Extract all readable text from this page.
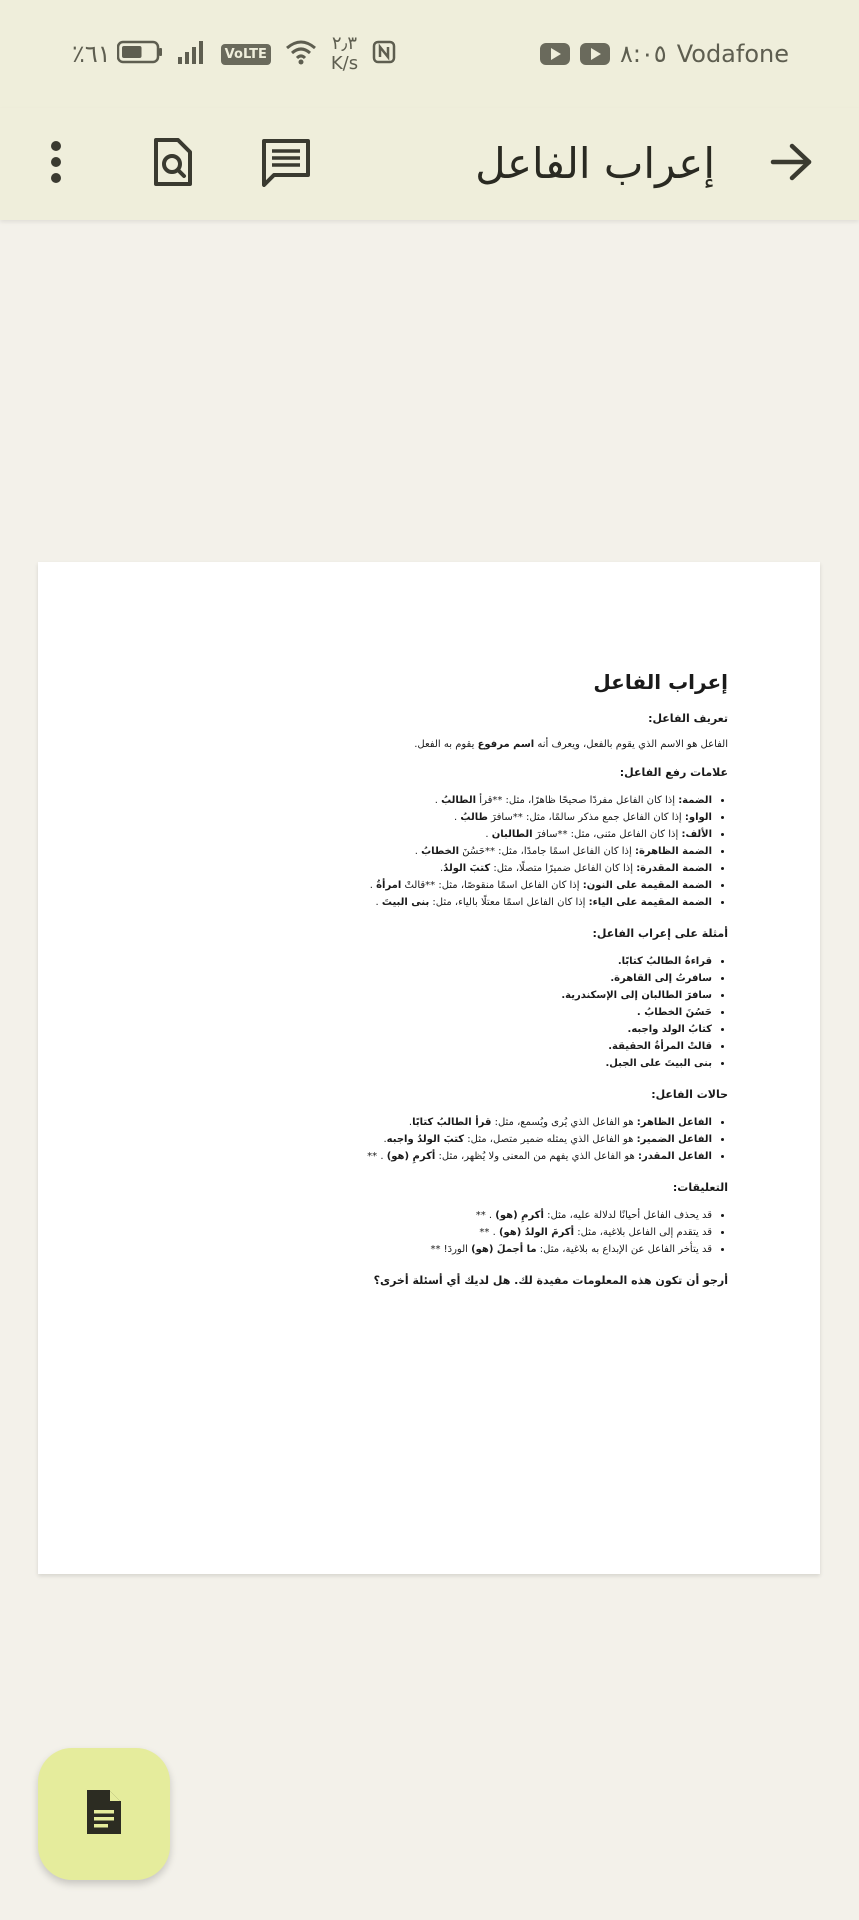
٪٦١	VoLTE	٢٫٣
K/s	٨:٠٥ Vodafone
إعراب الفاعل
إعراب الفاعل
تعريف الفاعل:
الفاعل هو الاسم الذي يقوم بالفعل، ويعرف أنه اسم مرفوع يقوم به الفعل.
علامات رفع الفاعل:
• الضمة: إذا كان الفاعل مفردًا صحيحًا ظاهرًا، مثل: **قرأ الطالبُ .
• الواو: إذا كان الفاعل جمع مذكر سالمًا، مثل: **سافرَ طالبُ .
• الألف: إذا كان الفاعل مثنى، مثل: **سافرَ الطالبان .
• الضمة الظاهرة: إذا كان الفاعل اسمًا جامدًا، مثل: **حَسُنَ الخطابُ .
• الضمة المقدرة: إذا كان الفاعل ضميرًا متصلًا، مثل: كتبَ الولدُ.
• الضمة المقيمة على النون: إذا كان الفاعل اسمًا منقوصًا، مثل: **قالتْ امرأةُ .
• الضمة المقيمة على الياء: إذا كان الفاعل اسمًا معتلًا بالياء، مثل: بنى البيتَ .
أمثلة على إعراب الفاعل:
• قراءةُ الطالبُ كتابًا.
• سافرتُ إلى القاهرة.
• سافرَ الطالبان إلى الإسكندرية.
• حَسُنَ الخطابُ .
• كتابُ الولد واجبه.
• قالتْ المرأةُ الحقيقة.
• بنى البيتَ على الجبل.
حالات الفاعل:
• الفاعل الظاهر: هو الفاعل الذي يُرى ويُسمع، مثل: قرأ الطالبُ كتابًا.
• الفاعل الضمير: هو الفاعل الذي يمثله ضمير متصل، مثل: كتبَ الولدُ واجبه.
• الفاعل المقدر: هو الفاعل الذي يفهم من المعنى ولا يُظهر، مثل: أكرمِ (هو) . **
التعليقات:
• قد يحذف الفاعل أحيانًا لدلالة عليه، مثل: أكرمِ (هو) . **
• قد يتقدم إلى الفاعل بلاغية، مثل: أكرمَ الولدُ (هو) . **
• قد يتأخر الفاعل عن الإبداع به بلاغية، مثل: ما أجملَ (هو) الوردَ! **
أرجو أن تكون هذه المعلومات مفيدة لك. هل لديك أي أسئلة أخرى؟
